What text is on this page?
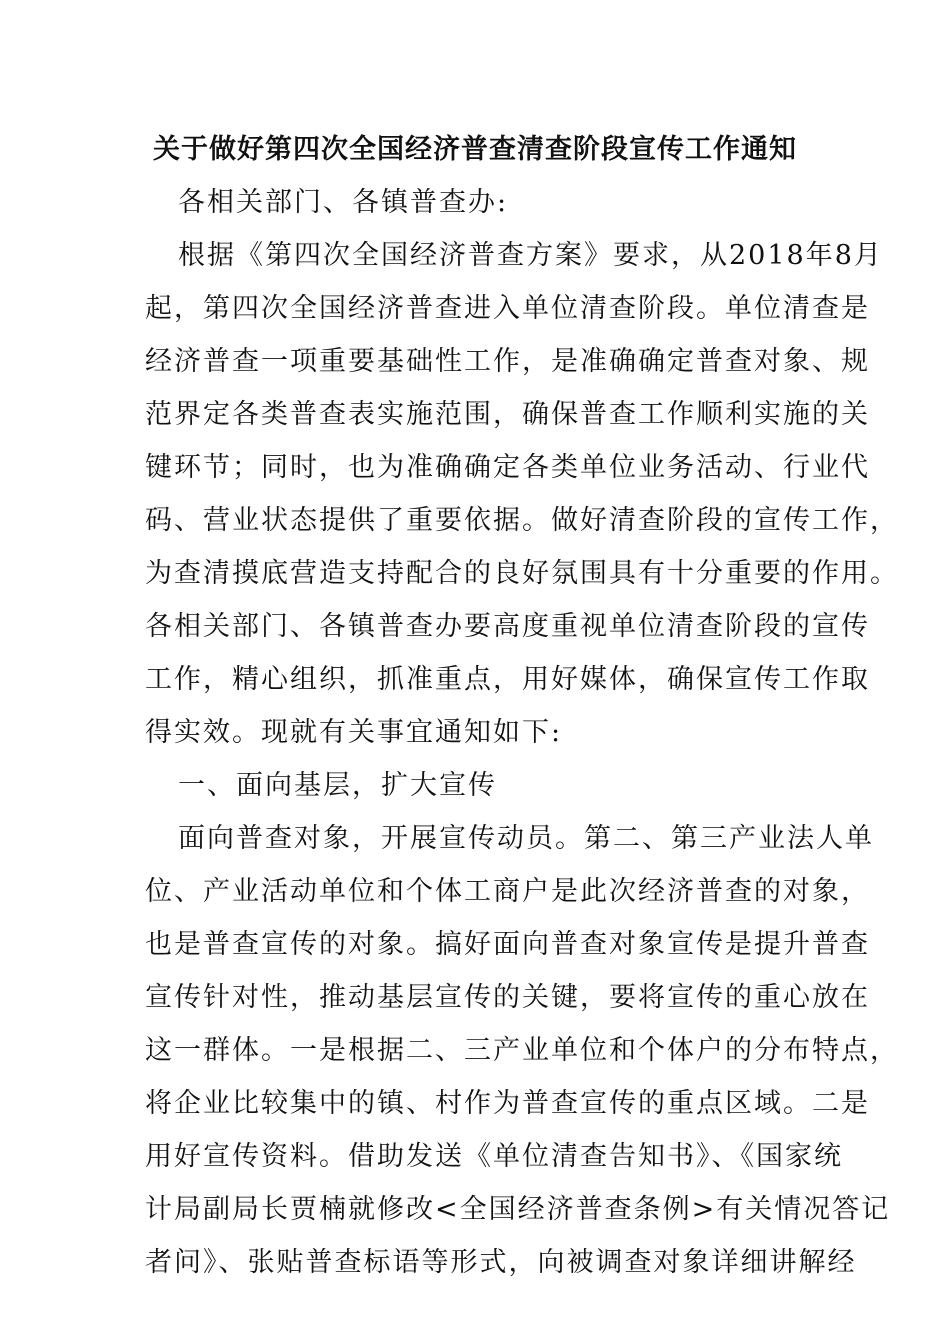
关于做好第四次全国经济普查清查阶段宣传工作通知
各相关部门、各镇普查办:
根据《第四次全国经济普查方案》要求，从2018年8月
起，第四次全国经济普查进入单位清查阶段。单位清查是
经济普查一项重要基础性工作，是准确确定普查对象、规
范界定各类普查表实施范围，确保普查工作顺利实施的关
键环节；同时，也为准确确定各类单位业务活动、行业代
码、营业状态提供了重要依据。做好清查阶段的宣传工作，
为查清摸底营造支持配合的良好氛围具有十分重要的作用。
各相关部门、各镇普查办要高度重视单位清查阶段的宣传
工作，精心组织，抓准重点，用好媒体，确保宣传工作取
得实效。现就有关事宜通知如下:
一、面向基层，扩大宣传
面向普查对象，开展宣传动员。第二、第三产业法人单
位、产业活动单位和个体工商户是此次经济普查的对象，
也是普查宣传的对象。搞好面向普查对象宣传是提升普查
宣传针对性，推动基层宣传的关键，要将宣传的重心放在
这一群体。一是根据二、三产业单位和个体户的分布特点，
将企业比较集中的镇、村作为普查宣传的重点区域。二是
用好宣传资料。借助发送《单位清查告知书》、《国家统
计局副局长贾楠就修改<全国经济普查条例>有关情况答记
者问》、张贴普查标语等形式，向被调查对象详细讲解经
